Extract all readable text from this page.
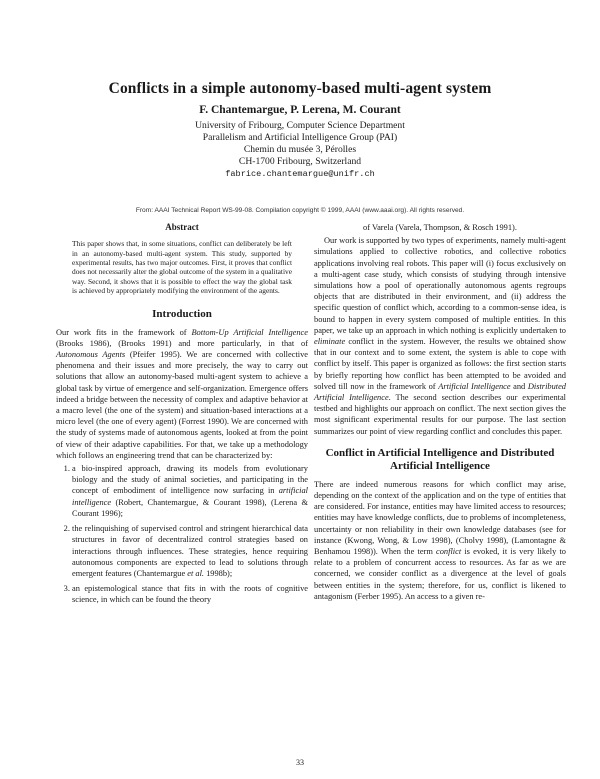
Conflicts in a simple autonomy-based multi-agent system
F. Chantemargue, P. Lerena, M. Courant
University of Fribourg, Computer Science Department
Parallelism and Artificial Intelligence Group (PAI)
Chemin du musée 3, Pérolles
CH-1700 Fribourg, Switzerland
fabrice.chantemargue@unifr.ch
From: AAAI Technical Report WS-99-08. Compilation copyright © 1999, AAAI (www.aaai.org). All rights reserved.
Abstract
This paper shows that, in some situations, conflict can deliberately be left in an autonomy-based multi-agent system. This study, supported by experimental results, has two major outcomes. First, it proves that conflict does not necessarily alter the global outcome of the system in a qualitative way. Second, it shows that it is possible to effect the way the global task is achieved by appropriately modifying the environment of the agents.
Introduction

Our work fits in the framework of Bottom-Up Artificial Intelligence (Brooks 1986), (Brooks 1991) and more particularly, in that of Autonomous Agents (Pfeifer 1995). We are concerned with collective phenomena and their issues and more precisely, the way to carry out solutions that allow an autonomy-based multi-agent system to achieve a global task by virtue of emergence and self-organization. Emergence offers indeed a bridge between the necessity of complex and adaptive behavior at a macro level (the one of the system) and situation-based interactions at a micro level (the one of every agent) (Forrest 1990). We are concerned with the study of systems made of autonomous agents, looked at from the point of view of their adaptive capabilities. For that, we take up a methodology which follows an engineering trend that can be characterized by:

1. a bio-inspired approach, drawing its models from evolutionary biology and the study of animal societies, and participating in the concept of embodiment of intelligence now surfacing in artificial intelligence (Robert, Chantemargue, & Courant 1998), (Lerena & Courant 1996);
2. the relinquishing of supervised control and stringent hierarchical data structures in favor of decentralized control strategies based on interactions through influences. These strategies, hence requiring autonomous components are expected to lead to solutions through emergent features (Chantemargue et al. 1998b);
3. an epistemological stance that fits in with the roots of cognitive science, in which can be found the theory

of Varela (Varela, Thompson, & Rosch 1991).

Our work is supported by two types of experiments, namely multi-agent simulations applied to collective robotics, and collective robotics applications involving real robots. This paper will (i) focus exclusively on a multi-agent case study, which consists of studying through intensive simulations how a pool of operationally autonomous agents regroups objects that are distributed in their environment, and (ii) address the specific question of conflict which, according to a common-sense idea, is bound to happen in every system composed of multiple entities. In this paper, we take up an approach in which nothing is explicitly undertaken to eliminate conflict in the system. However, the results we obtained show that in our context and to some extent, the system is able to cope with conflict by itself. This paper is organized as follows: the first section starts by briefly reporting how conflict has been attempted to be avoided and solved till now in the framework of Artificial Intelligence and Distributed Artificial Intelligence. The second section describes our experimental testbed and highlights our approach on conflict. The next section gives the most significant experimental results for our purpose. The last section summarizes our point of view regarding conflict and concludes this paper.

Conflict in Artificial Intelligence and Distributed Artificial Intelligence

There are indeed numerous reasons for which conflict may arise, depending on the context of the application and on the type of entities that are considered. For instance, entities may have limited access to resources; entities may have knowledge conflicts, due to problems of incompleteness, uncertainty or non reliability in their own knowledge databases (see for instance (Kwong, Wong, & Low 1998), (Cholvy 1998), (Lamontagne & Benhamou 1998)). When the term conflict is evoked, it is very likely to relate to a problem of concurrent access to resources. As far as we are concerned, we consider conflict as a divergence at the level of goals between entities in the system; therefore, for us, conflict is likened to antagonism (Ferber 1995). An access to a given re-

33
